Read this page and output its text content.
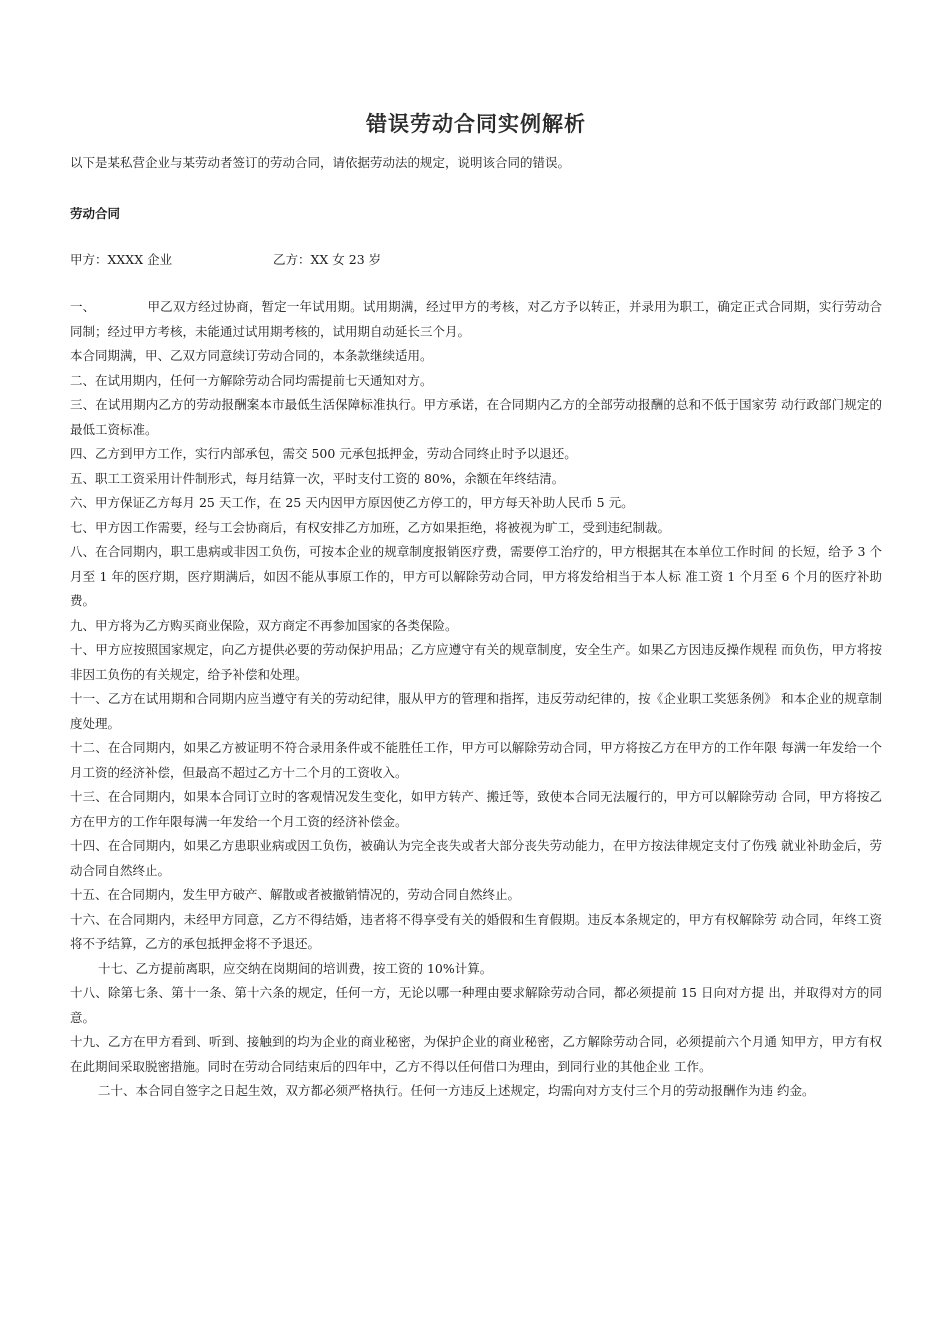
错误劳动合同实例解析
以下是某私营企业与某劳动者签订的劳动合同，请依据劳动法的规定，说明该合同的错误。
劳动合同
甲方：XXXX 企业	乙方：XX 女 23 岁

一、	甲乙双方经过协商，暂定一年试用期。试用期满，经过甲方的考核，对乙方予以转正，并录用为职工，确定正式合同期，实行劳动合同制；经过甲方考核，未能通过试用期考核的，试用期自动延长三个月。

本合同期满，甲、乙双方同意续订劳动合同的，本条款继续适用。

二、在试用期内，任何一方解除劳动合同均需提前七天通知对方。

三、在试用期内乙方的劳动报酬案本市最低生活保障标准执行。甲方承诺，在合同期内乙方的全部劳动报酬的总和不低于国家劳 动行政部门规定的最低工资标准。

四、乙方到甲方工作，实行内部承包，需交 500 元承包抵押金，劳动合同终止时予以退还。

五、职工工资采用计件制形式，每月结算一次，平时支付工资的 80%，余额在年终结清。

六、甲方保证乙方每月 25 天工作，在 25 天内因甲方原因使乙方停工的，甲方每天补助人民币 5 元。

七、甲方因工作需要，经与工会协商后，有权安排乙方加班，乙方如果拒绝，将被视为旷工，受到违纪制裁。

八、在合同期内，职工患病或非因工负伤，可按本企业的规章制度报销医疗费，需要停工治疗的，甲方根据其在本单位工作时间 的长短，给予 3 个月至 1 年的医疗期，医疗期满后，如因不能从事原工作的，甲方可以解除劳动合同，甲方将发给相当于本人标 准工资 1 个月至 6 个月的医疗补助费。

九、甲方将为乙方购买商业保险，双方商定不再参加国家的各类保险。

十、甲方应按照国家规定，向乙方提供必要的劳动保护用品；乙方应遵守有关的规章制度，安全生产。如果乙方因违反操作规程 而负伤，甲方将按非因工负伤的有关规定，给予补偿和处理。

十一、乙方在试用期和合同期内应当遵守有关的劳动纪律，服从甲方的管理和指挥，违反劳动纪律的，按《企业职工奖惩条例》 和本企业的规章制度处理。

十二、在合同期内，如果乙方被证明不符合录用条件或不能胜任工作，甲方可以解除劳动合同，甲方将按乙方在甲方的工作年限 每满一年发给一个月工资的经济补偿，但最高不超过乙方十二个月的工资收入。

十三、在合同期内，如果本合同订立时的客观情况发生变化，如甲方转产、搬迁等，致使本合同无法履行的，甲方可以解除劳动 合同，甲方将按乙方在甲方的工作年限每满一年发给一个月工资的经济补偿金。

十四、在合同期内，如果乙方患职业病或因工负伤，被确认为完全丧失或者大部分丧失劳动能力，在甲方按法律规定支付了伤残 就业补助金后，劳动合同自然终止。

十五、在合同期内，发生甲方破产、解散或者被撤销情况的，劳动合同自然终止。

十六、在合同期内，未经甲方同意，乙方不得结婚，违者将不得享受有关的婚假和生育假期。违反本条规定的，甲方有权解除劳 动合同，年终工资将不予结算，乙方的承包抵押金将不予退还。

十七、乙方提前离职，应交纳在岗期间的培训费，按工资的 10%计算。

十八、除第七条、第十一条、第十六条的规定，任何一方，无论以哪一种理由要求解除劳动合同，都必须提前 15 日向对方提 出，并取得对方的同意。

十九、乙方在甲方看到、听到、接触到的均为企业的商业秘密，为保护企业的商业秘密，乙方解除劳动合同，必须提前六个月通 知甲方，甲方有权在此期间采取脱密措施。同时在劳动合同结束后的四年中，乙方不得以任何借口为理由，到同行业的其他企业 工作。

二十、本合同自签字之日起生效，双方都必须严格执行。任何一方违反上述规定，均需向对方支付三个月的劳动报酬作为违 约金。
